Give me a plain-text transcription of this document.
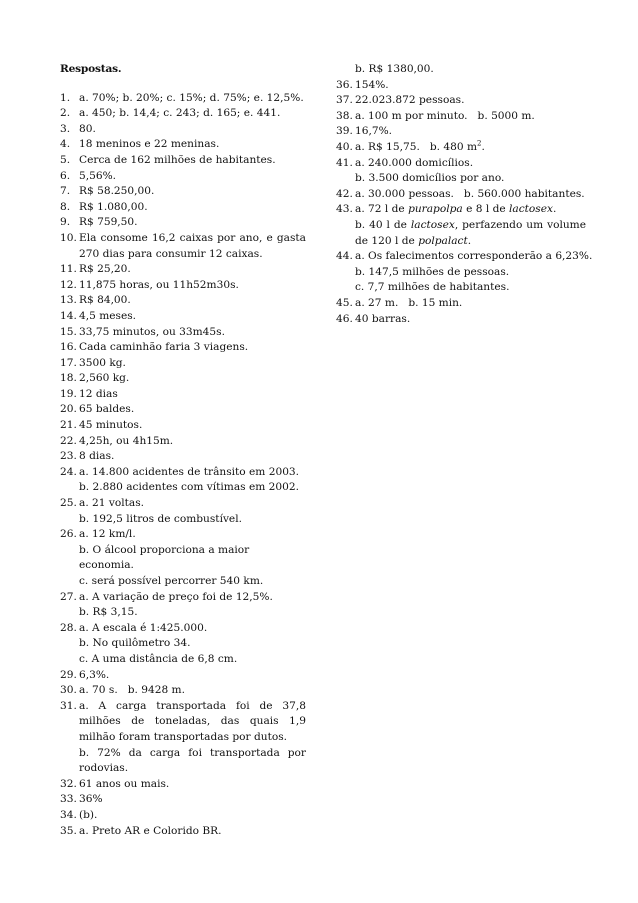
Respostas.
1. a. 70%; b. 20%; c. 15%; d. 75%; e. 12,5%.
2. a. 450; b. 14,4; c. 243; d. 165; e. 441.
3. 80.
4. 18 meninos e 22 meninas.
5. Cerca de 162 milhões de habitantes.
6. 5,56%.
7. R$ 58.250,00.
8. R$ 1.080,00.
9. R$ 759,50.
10. Ela consome 16,2 caixas por ano, e gasta 270 dias para consumir 12 caixas.
11. R$ 25,20.
12. 11,875 horas, ou 11h52m30s.
13. R$ 84,00.
14. 4,5 meses.
15. 33,75 minutos, ou 33m45s.
16. Cada caminhão faria 3 viagens.
17. 3500 kg.
18. 2,560 kg.
19. 12 dias
20. 65 baldes.
21. 45 minutos.
22. 4,25h, ou 4h15m.
23. 8 dias.
24. a. 14.800 acidentes de trânsito em 2003.
b. 2.880 acidentes com vítimas em 2002.
25. a. 21 voltas.
b. 192,5 litros de combustível.
26. a. 12 km/l.
b. O álcool proporciona a maior economia.
c. será possível percorrer 540 km.
27. a. A variação de preço foi de 12,5%.
b. R$ 3,15.
28. a. A escala é 1:425.000.
b. No quilômetro 34.
c. A uma distância de 6,8 cm.
29. 6,3%.
30. a. 70 s. b. 9428 m.
31. a. A carga transportada foi de 37,8 milhões de toneladas, das quais 1,9 milhão foram transportadas por dutos.
b. 72% da carga foi transportada por rodovias.
32. 61 anos ou mais.
33. 36%
34. (b).
35. a. Preto AR e Colorido BR.
b. R$ 1380,00.
36. 154%.
37. 22.023.872 pessoas.
38. a. 100 m por minuto. b. 5000 m.
39. 16,7%.
40. a. R$ 15,75. b. 480 $m^2$.
41. a. 240.000 domicílios.
b. 3.500 domicílios por ano.
42. a. 30.000 pessoas. b. 560.000 habitantes.
43. a. 72 l de purapolpa e 8 l de lactosex.
b. 40 l de lactosex, perfazendo um volume de 120 l de polpalact.
44. a. Os falecimentos corresponderão a 6,23%.
b. 147,5 milhões de pessoas.
c. 7,7 milhões de habitantes.
45. a. 27 m. b. 15 min.
46. 40 barras.
